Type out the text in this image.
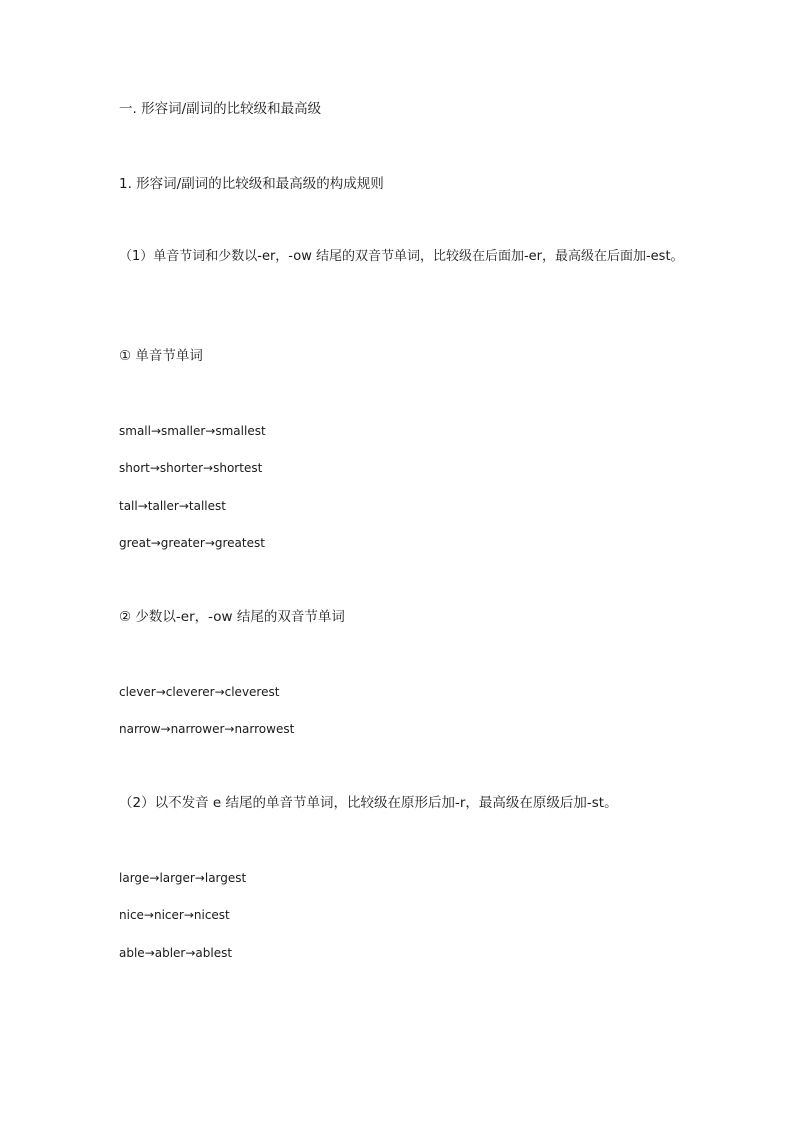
一. 形容词/副词的比较级和最高级
1. 形容词/副词的比较级和最高级的构成规则
（1）单音节词和少数以-er，-ow 结尾的双音节单词，比较级在后面加-er，最高级在后面加-est。
① 单音节单词
small→smaller→smallest
short→shorter→shortest
tall→taller→tallest
great→greater→greatest
② 少数以-er，-ow 结尾的双音节单词
clever→cleverer→cleverest
narrow→narrower→narrowest
（2）以不发音 e 结尾的单音节单词，比较级在原形后加-r，最高级在原级后加-st。
large→larger→largest
nice→nicer→nicest
able→abler→ablest
